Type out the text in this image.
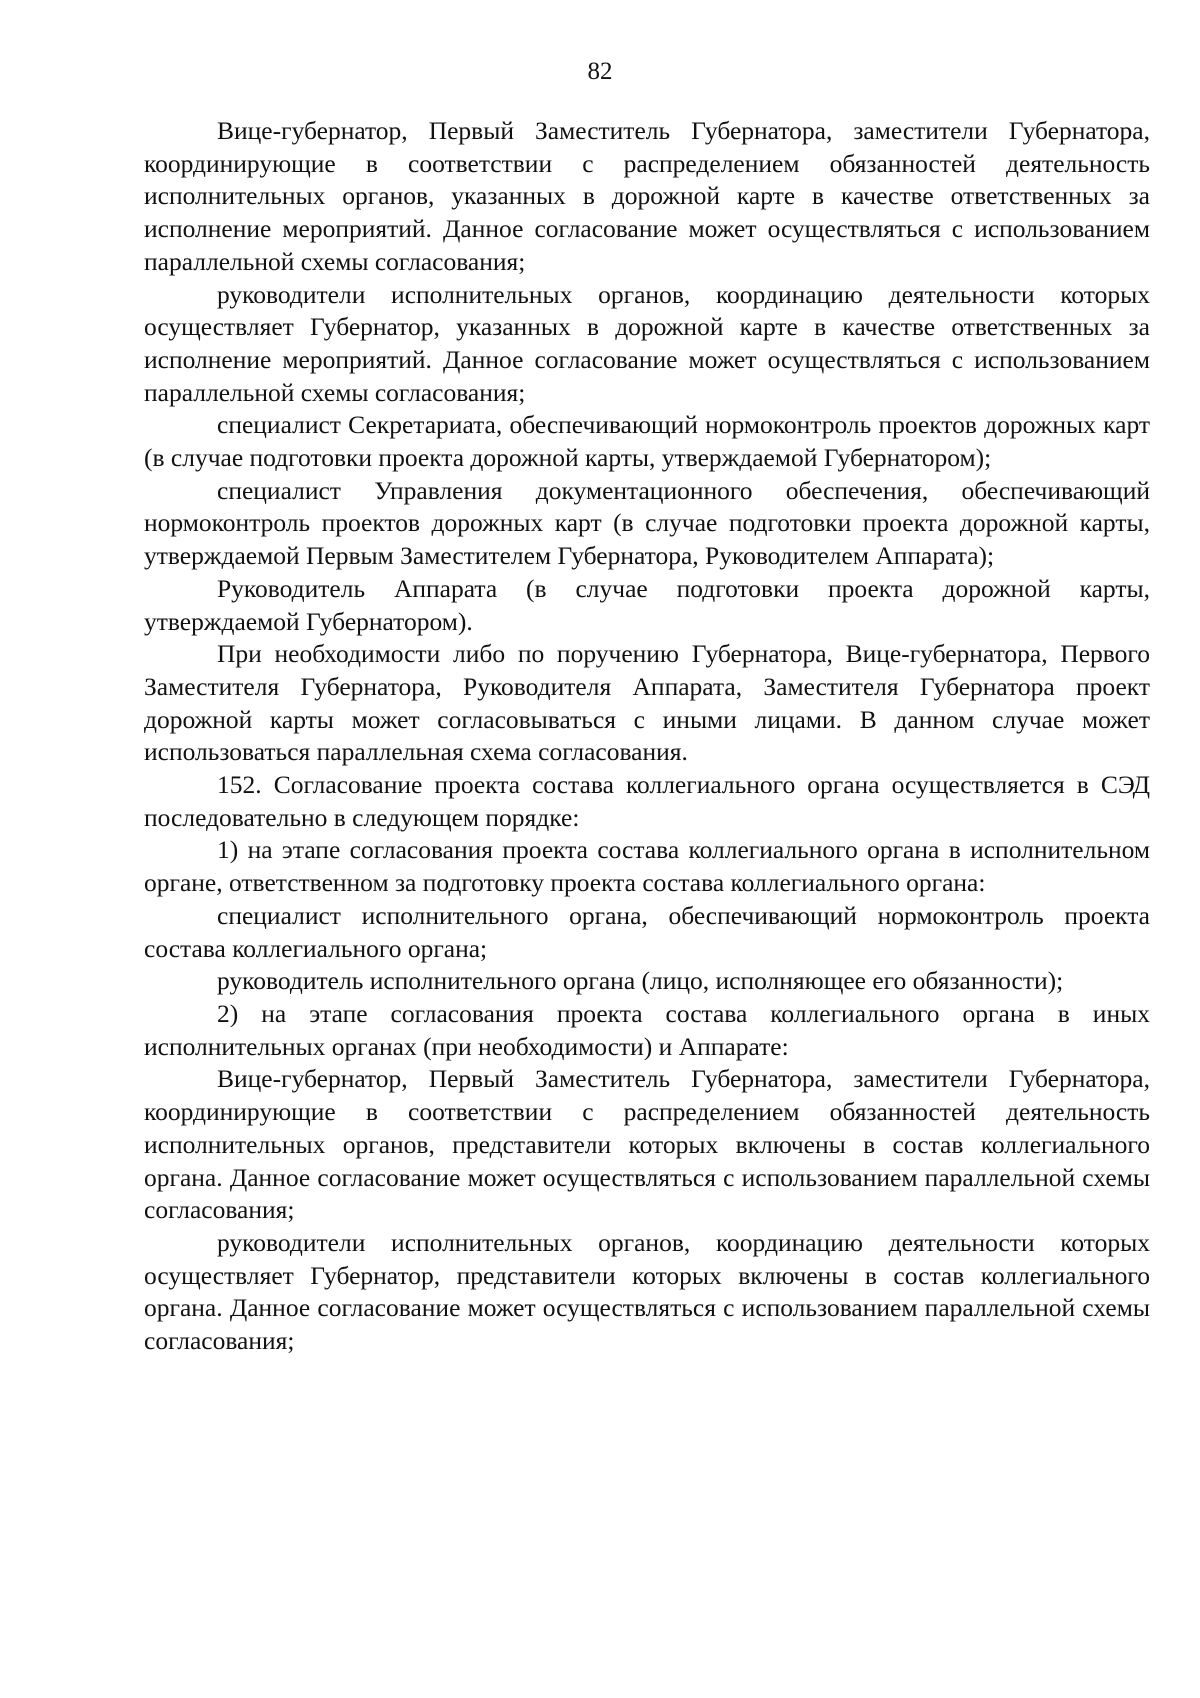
82

Вице-губернатор, Первый Заместитель Губернатора, заместители Губернатора, координирующие в соответствии с распределением обязанностей деятельность исполнительных органов, указанных в дорожной карте в качестве ответственных за исполнение мероприятий. Данное согласование может осуществляться с использованием параллельной схемы согласования;

руководители исполнительных органов, координацию деятельности которых осуществляет Губернатор, указанных в дорожной карте в качестве ответственных за исполнение мероприятий. Данное согласование может осуществляться с использованием параллельной схемы согласования;

специалист Секретариата, обеспечивающий нормоконтроль проектов дорожных карт (в случае подготовки проекта дорожной карты, утверждаемой Губернатором);

специалист Управления документационного обеспечения, обеспечивающий нормоконтроль проектов дорожных карт (в случае подготовки проекта дорожной карты, утверждаемой Первым Заместителем Губернатора, Руководителем Аппарата);

Руководитель Аппарата (в случае подготовки проекта дорожной карты, утверждаемой Губернатором).

При необходимости либо по поручению Губернатора, Вице-губернатора, Первого Заместителя Губернатора, Руководителя Аппарата, Заместителя Губернатора проект дорожной карты может согласовываться с иными лицами. В данном случае может использоваться параллельная схема согласования.

152. Согласование проекта состава коллегиального органа осуществляется в СЭД последовательно в следующем порядке:

1) на этапе согласования проекта состава коллегиального органа в исполнительном органе, ответственном за подготовку проекта состава коллегиального органа:

специалист исполнительного органа, обеспечивающий нормоконтроль проекта состава коллегиального органа;

руководитель исполнительного органа (лицо, исполняющее его обязанности);

2) на этапе согласования проекта состава коллегиального органа в иных исполнительных органах (при необходимости) и Аппарате:

Вице-губернатор, Первый Заместитель Губернатора, заместители Губернатора, координирующие в соответствии с распределением обязанностей деятельность исполнительных органов, представители которых включены в состав коллегиального органа. Данное согласование может осуществляться с использованием параллельной схемы согласования;

руководители исполнительных органов, координацию деятельности которых осуществляет Губернатор, представители которых включены в состав коллегиального органа. Данное согласование может осуществляться с использованием параллельной схемы согласования;
